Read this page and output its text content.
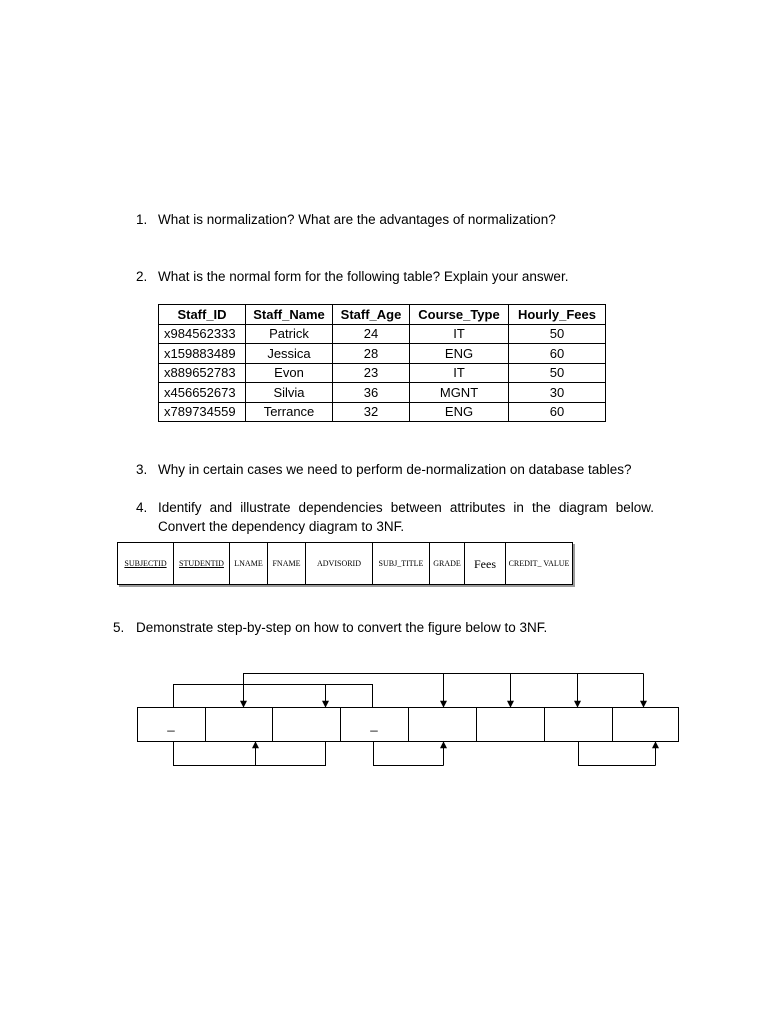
1. What is normalization? What are the advantages of normalization?
2. What is the normal form for the following table? Explain your answer.
Staff_ID	Staff_Name	Staff_Age	Course_Type	Hourly_Fees
x984562333	Patrick	24	IT	50
x159883489	Jessica	28	ENG	60
x889652783	Evon	23	IT	50
x456652673	Silvia	36	MGNT	30
x789734559	Terrance	32	ENG	60
3. Why in certain cases we need to perform de-normalization on database tables?
4. Identify and illustrate dependencies between attributes in the diagram below. Convert the dependency diagram to 3NF.
SUBJECTID	STUDENTID	LNAME	FNAME	ADVISORID	SUBJ_TITLE	GRADE	Fees	CREDIT_ VALUE
5. Demonstrate step-by-step on how to convert the figure below to 3NF.
_	_
